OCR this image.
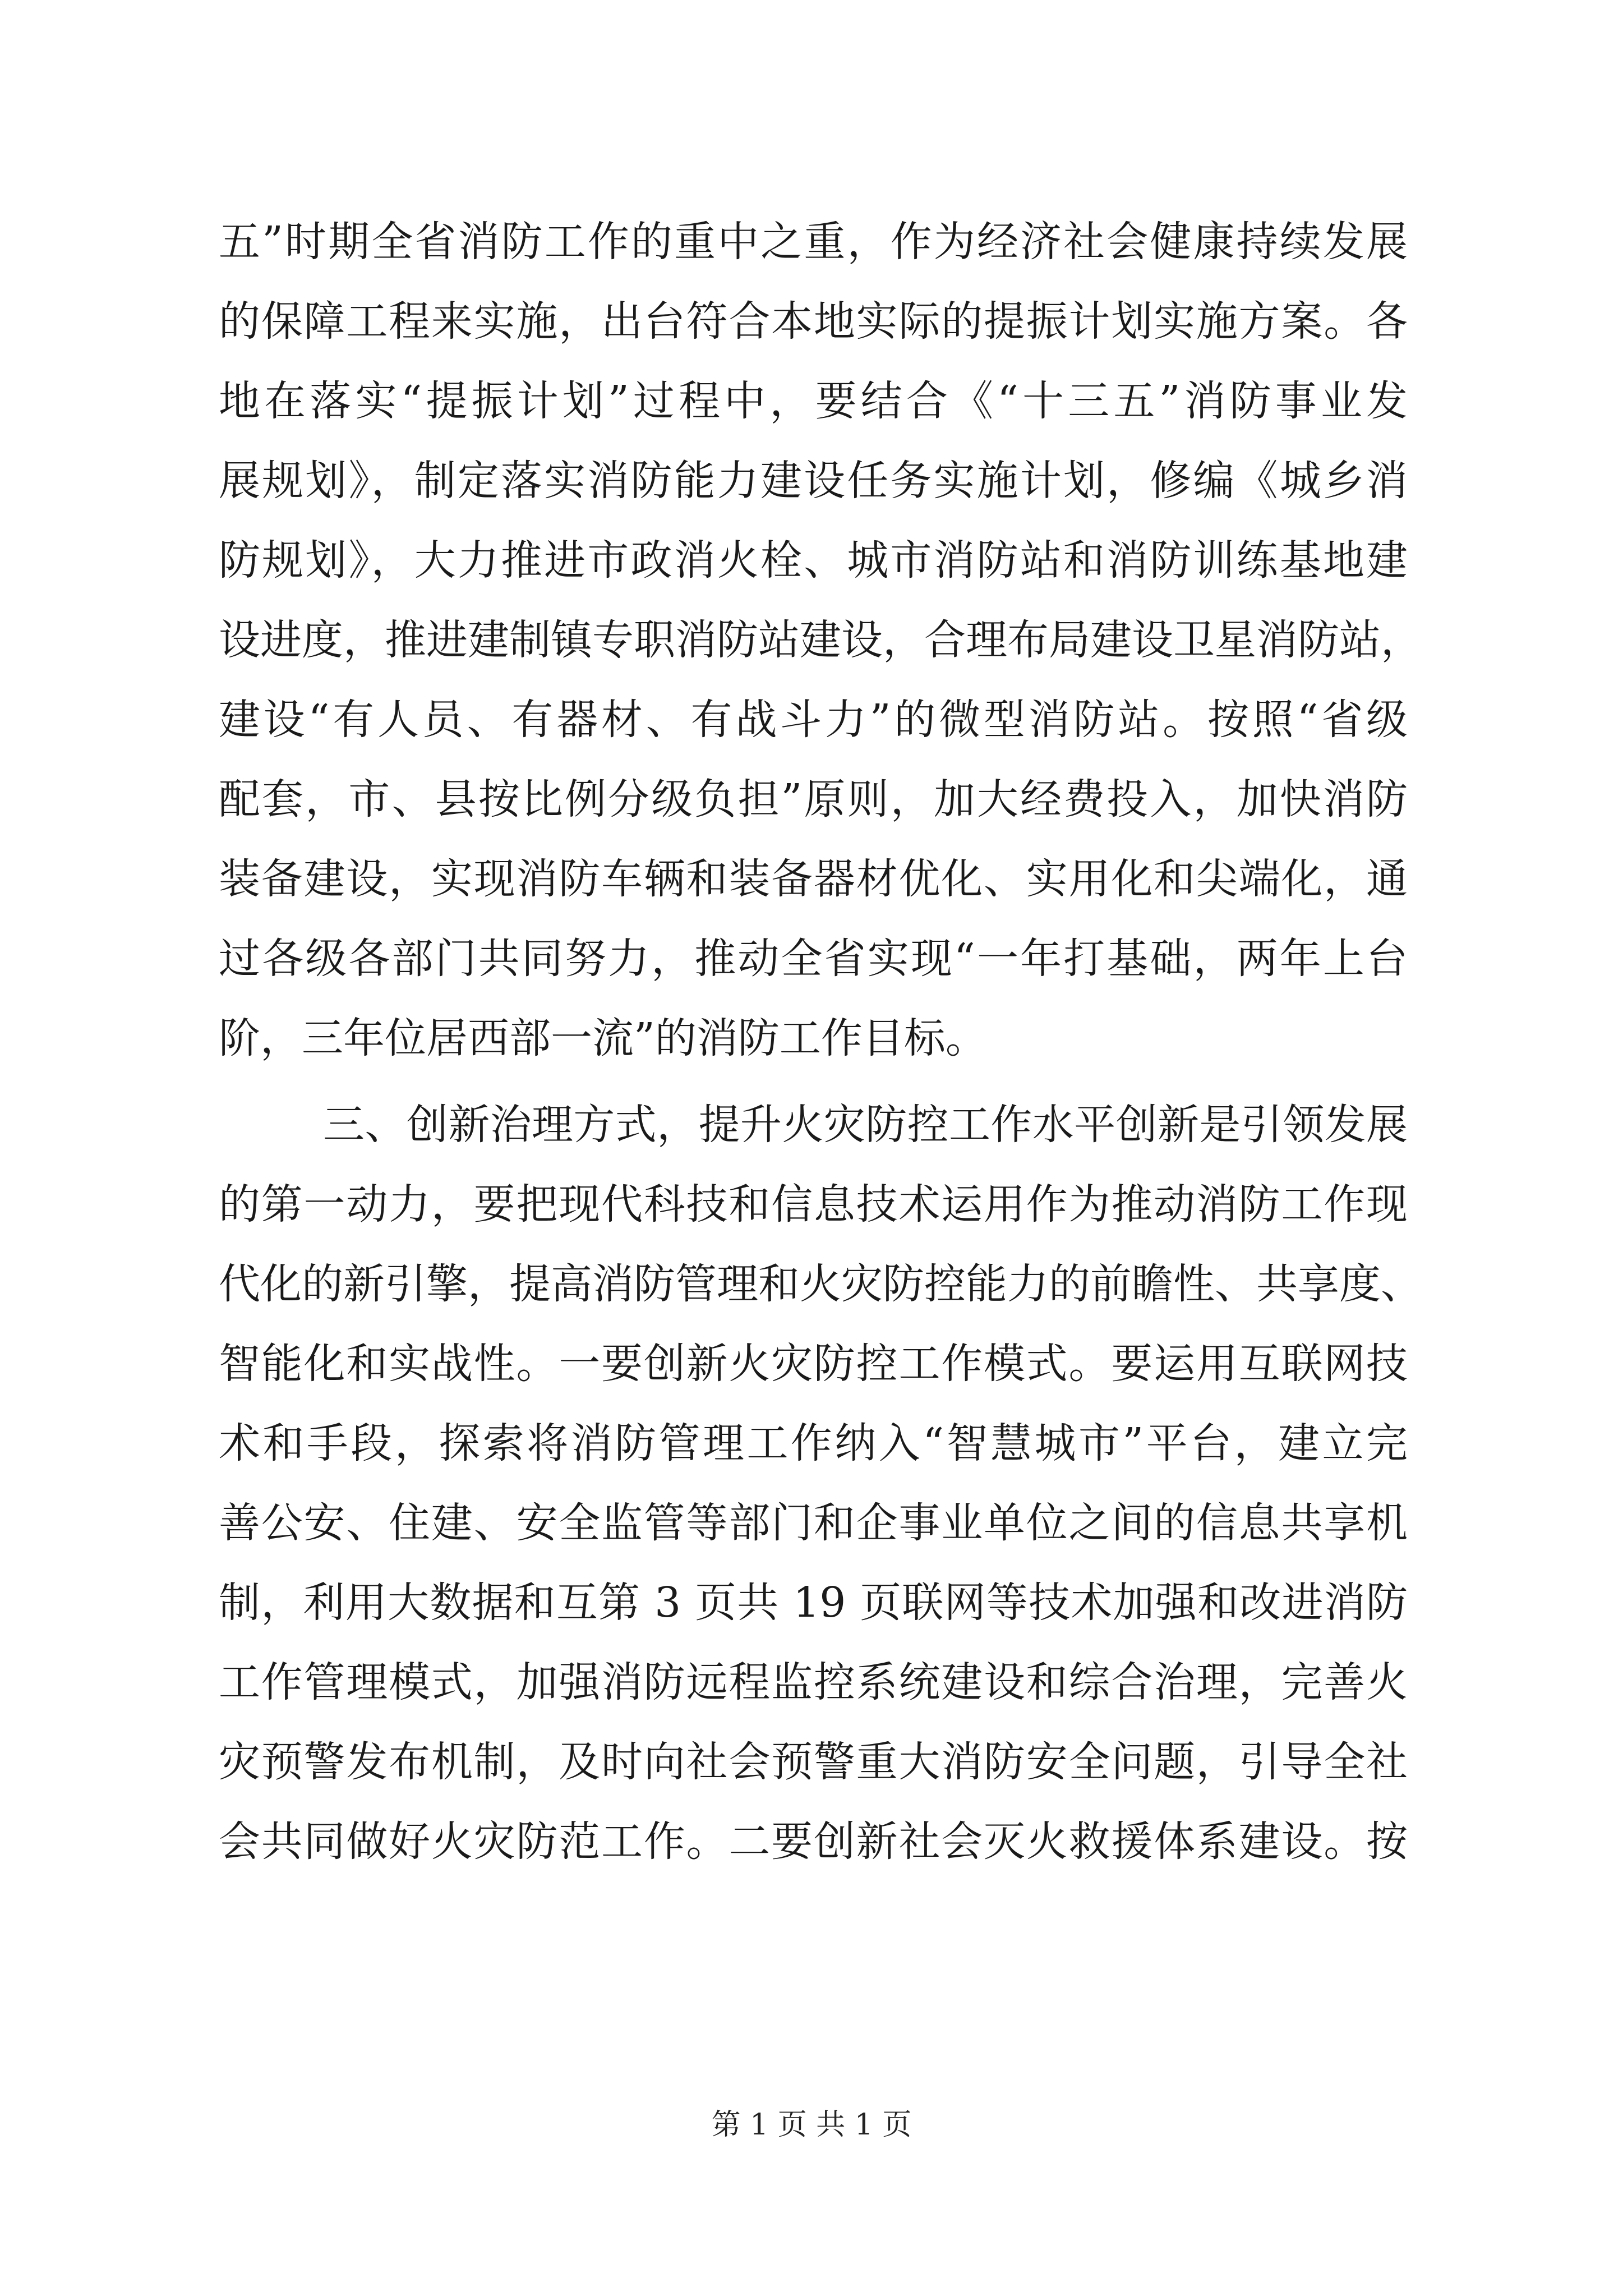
五”时期全省消防工作的重中之重，作为经济社会健康持续发展
的保障工程来实施，出台符合本地实际的提振计划实施方案。各
地在落实“提振计划”过程中，要结合《“十三五”消防事业发
展规划》，制定落实消防能力建设任务实施计划，修编《城乡消
防规划》，大力推进市政消火栓、城市消防站和消防训练基地建
设进度，推进建制镇专职消防站建设，合理布局建设卫星消防站，
建设“有人员、有器材、有战斗力”的微型消防站。按照“省级
配套，市、县按比例分级负担”原则，加大经费投入，加快消防
装备建设，实现消防车辆和装备器材优化、实用化和尖端化，通
过各级各部门共同努力，推动全省实现“一年打基础，两年上台
阶，三年位居西部一流”的消防工作目标。
三、创新治理方式，提升火灾防控工作水平创新是引领发展
的第一动力，要把现代科技和信息技术运用作为推动消防工作现
代化的新引擎，提高消防管理和火灾防控能力的前瞻性、共享度、
智能化和实战性。一要创新火灾防控工作模式。要运用互联网技
术和手段，探索将消防管理工作纳入“智慧城市”平台，建立完
善公安、住建、安全监管等部门和企事业单位之间的信息共享机
制，利用大数据和互第 3 页共 19 页联网等技术加强和改进消防
工作管理模式，加强消防远程监控系统建设和综合治理，完善火
灾预警发布机制，及时向社会预警重大消防安全问题，引导全社
会共同做好火灾防范工作。二要创新社会灭火救援体系建设。按
第 1 页 共 1 页
